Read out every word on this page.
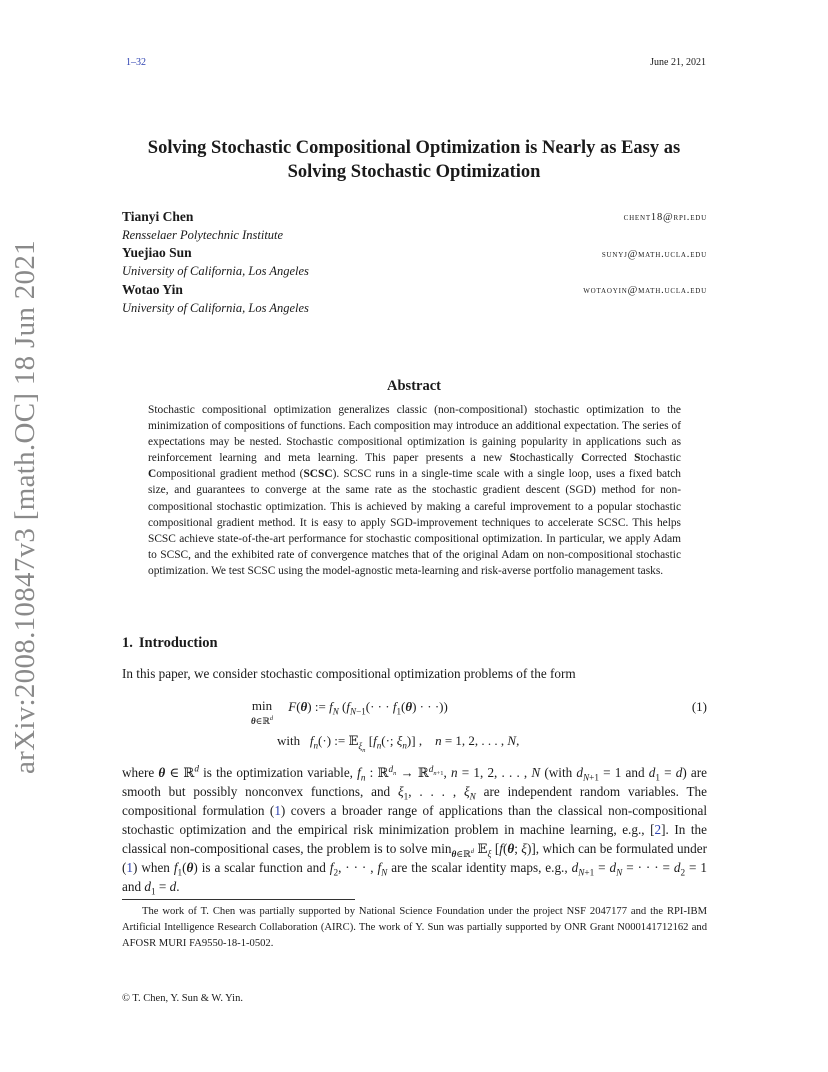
1–32	June 21, 2021
arXiv:2008.10847v3 [math.OC] 18 Jun 2021
Solving Stochastic Compositional Optimization is Nearly as Easy as
Solving Stochastic Optimization
Tianyi Chen	chent18@rpi.edu
Rensselaer Polytechnic Institute
Yuejiao Sun	sunyj@math.ucla.edu
University of California, Los Angeles
Wotao Yin	wotaoyin@math.ucla.edu
University of California, Los Angeles
Abstract
Stochastic compositional optimization generalizes classic (non-compositional) stochastic optimization to the minimization of compositions of functions. Each composition may introduce an additional expectation. The series of expectations may be nested. Stochastic compositional optimization is gaining popularity in applications such as reinforcement learning and meta learning. This paper presents a new Stochastically Corrected Stochastic Compositional gradient method (SCSC). SCSC runs in a single-time scale with a single loop, uses a fixed batch size, and guarantees to converge at the same rate as the stochastic gradient descent (SGD) method for non-compositional stochastic optimization. This is achieved by making a careful improvement to a popular stochastic compositional gradient method. It is easy to apply SGD-improvement techniques to accelerate SCSC. This helps SCSC achieve state-of-the-art performance for stochastic compositional optimization. In particular, we apply Adam to SCSC, and the exhibited rate of convergence matches that of the original Adam on non-compositional stochastic optimization. We test SCSC using the model-agnostic meta-learning and risk-averse portfolio management tasks.
1. Introduction
In this paper, we consider stochastic compositional optimization problems of the form
min
θ∈ℝ$^d$ F(θ) := $f_N$ ($f_{N-1}(\cdot$ · · $f_1(\theta)$ · · ·))	(1)
with   $f_n(\cdot)$ := 𝔼$_{\xi_n}$ [$f_n(\cdot$; $\xi_n$)] ,    n = 1, 2, . . . , N,
where θ ∈ ℝ$^d$ is the optimization variable, $f_n$ : ℝ$^{d_n}$ → ℝ$^{d_{n+1}}$, n = 1, 2, . . . , N (with $d_{N+1} = 1$ and $d_1 = d$) are smooth but possibly nonconvex functions, and $\xi_1$, . . . , $\xi_N$ are independent random variables. The compositional formulation (1) covers a broader range of applications than the classical non-compositional stochastic optimization and the empirical risk minimization problem in machine learning, e.g., [2]. In the classical non-compositional cases, the problem is to solve $\min_{\theta\in ℝ^d}$ 𝔼$_\xi$ [f(θ; ξ)], which can be formulated under (1) when $f_1(\theta)$ is a scalar function and $f_2$, · · · , $f_N$ are the scalar identity maps, e.g., $d_{N+1} = d_N$ = · · · = $d_2 = 1$ and $d_1 = d$.
The work of T. Chen was partially supported by National Science Foundation under the project NSF 2047177 and the RPI-IBM Artificial Intelligence Research Collaboration (AIRC). The work of Y. Sun was partially supported by ONR Grant N000141712162 and AFOSR MURI FA9550-18-1-0502.
© T. Chen, Y. Sun & W. Yin.
